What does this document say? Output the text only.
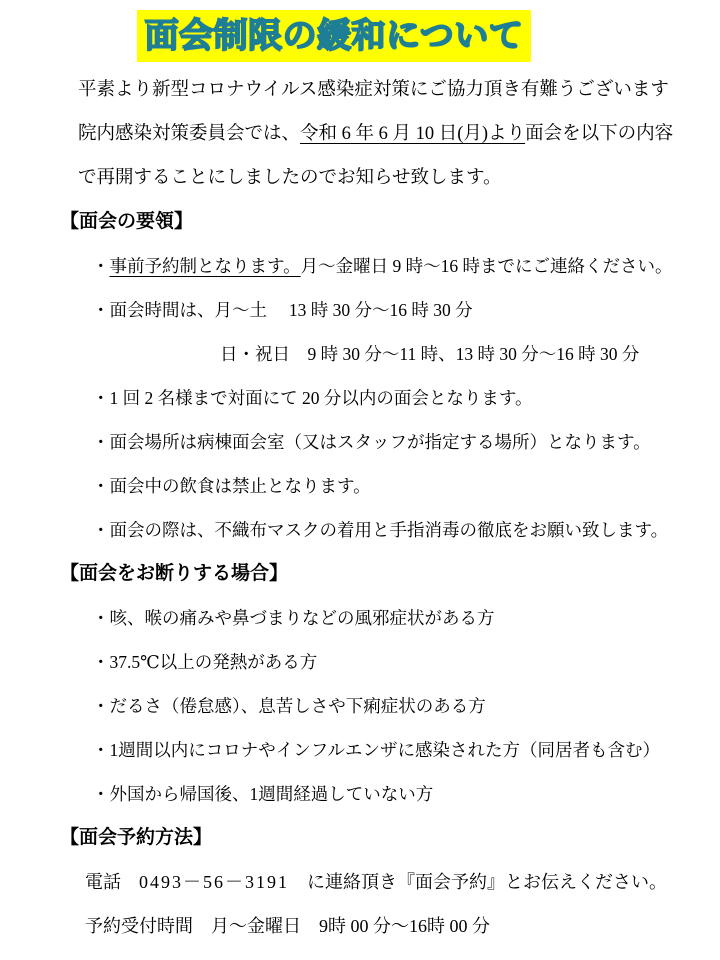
面会制限の緩和について
平素より新型コロナウイルス感染症対策にご協力頂き有難うございます
院内感染対策委員会では、令和 6 年 6 月 10 日(月)より面会を以下の内容
で再開することにしましたのでお知らせ致します。
【面会の要領】
・事前予約制となります。月～金曜日 9 時～16 時までにご連絡ください。
・面会時間は、月～土　 13 時 30 分～16 時 30 分
日・祝日　9 時 30 分～11 時、13 時 30 分～16 時 30 分
・1 回 2 名様まで対面にて 20 分以内の面会となります。
・面会場所は病棟面会室（又はスタッフが指定する場所）となります。
・面会中の飲食は禁止となります。
・面会の際は、不織布マスクの着用と手指消毒の徹底をお願い致します。
【面会をお断りする場合】
・咳、喉の痛みや鼻づまりなどの風邪症状がある方
・37.5℃以上の発熱がある方
・だるさ（倦怠感）、息苦しさや下痢症状のある方
・1週間以内にコロナやインフルエンザに感染された方（同居者も含む）
・外国から帰国後、1週間経過していない方
【面会予約方法】
電話　0493－56－3191　に連絡頂き『面会予約』とお伝えください。
予約受付時間　月～金曜日　9時 00 分～16時 00 分
